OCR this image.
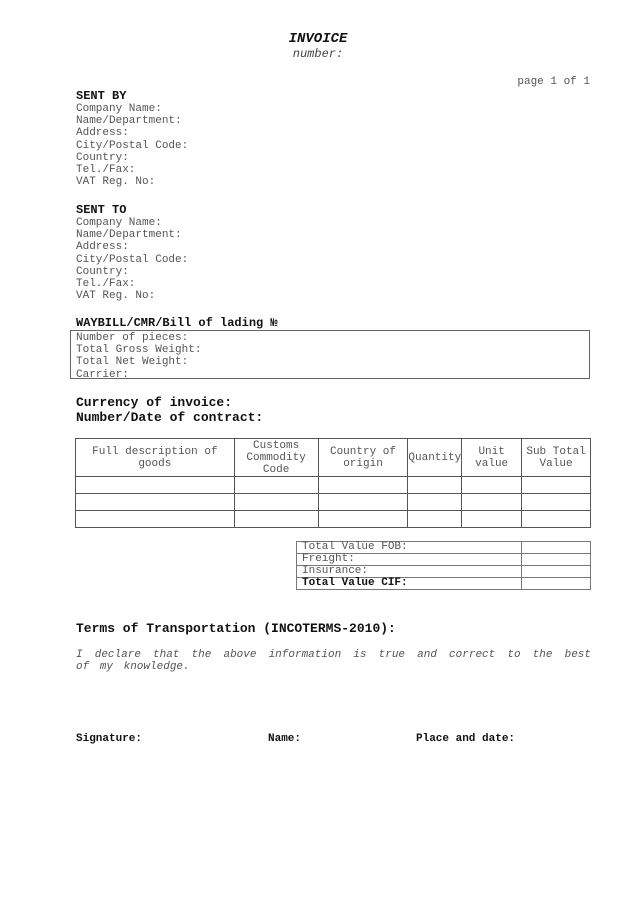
INVOICE
number:
page 1 of 1
SENT BY
Company Name:
Name/Department:
Address:
City/Postal Code:
Country:
Tel./Fax:
VAT Reg. No:
SENT TO
Company Name:
Name/Department:
Address:
City/Postal Code:
Country:
Tel./Fax:
VAT Reg. No:
WAYBILL/CMR/Bill of lading №
Number of pieces:
Total Gross Weight:
Total Net Weight:
Carrier:
Currency of invoice:
Number/Date of contract:
Full description of goods	Customs Commodity Code	Country of origin	Quantity	Unit value	Sub Total Value

Total Value FOB:	
Freight:	
Insurance:	
Total Value CIF:	
Terms of Transportation (INCOTERMS-2010):
I declare that the above information is true and correct to the best of my knowledge.
Signature:	Name:	Place and date:
